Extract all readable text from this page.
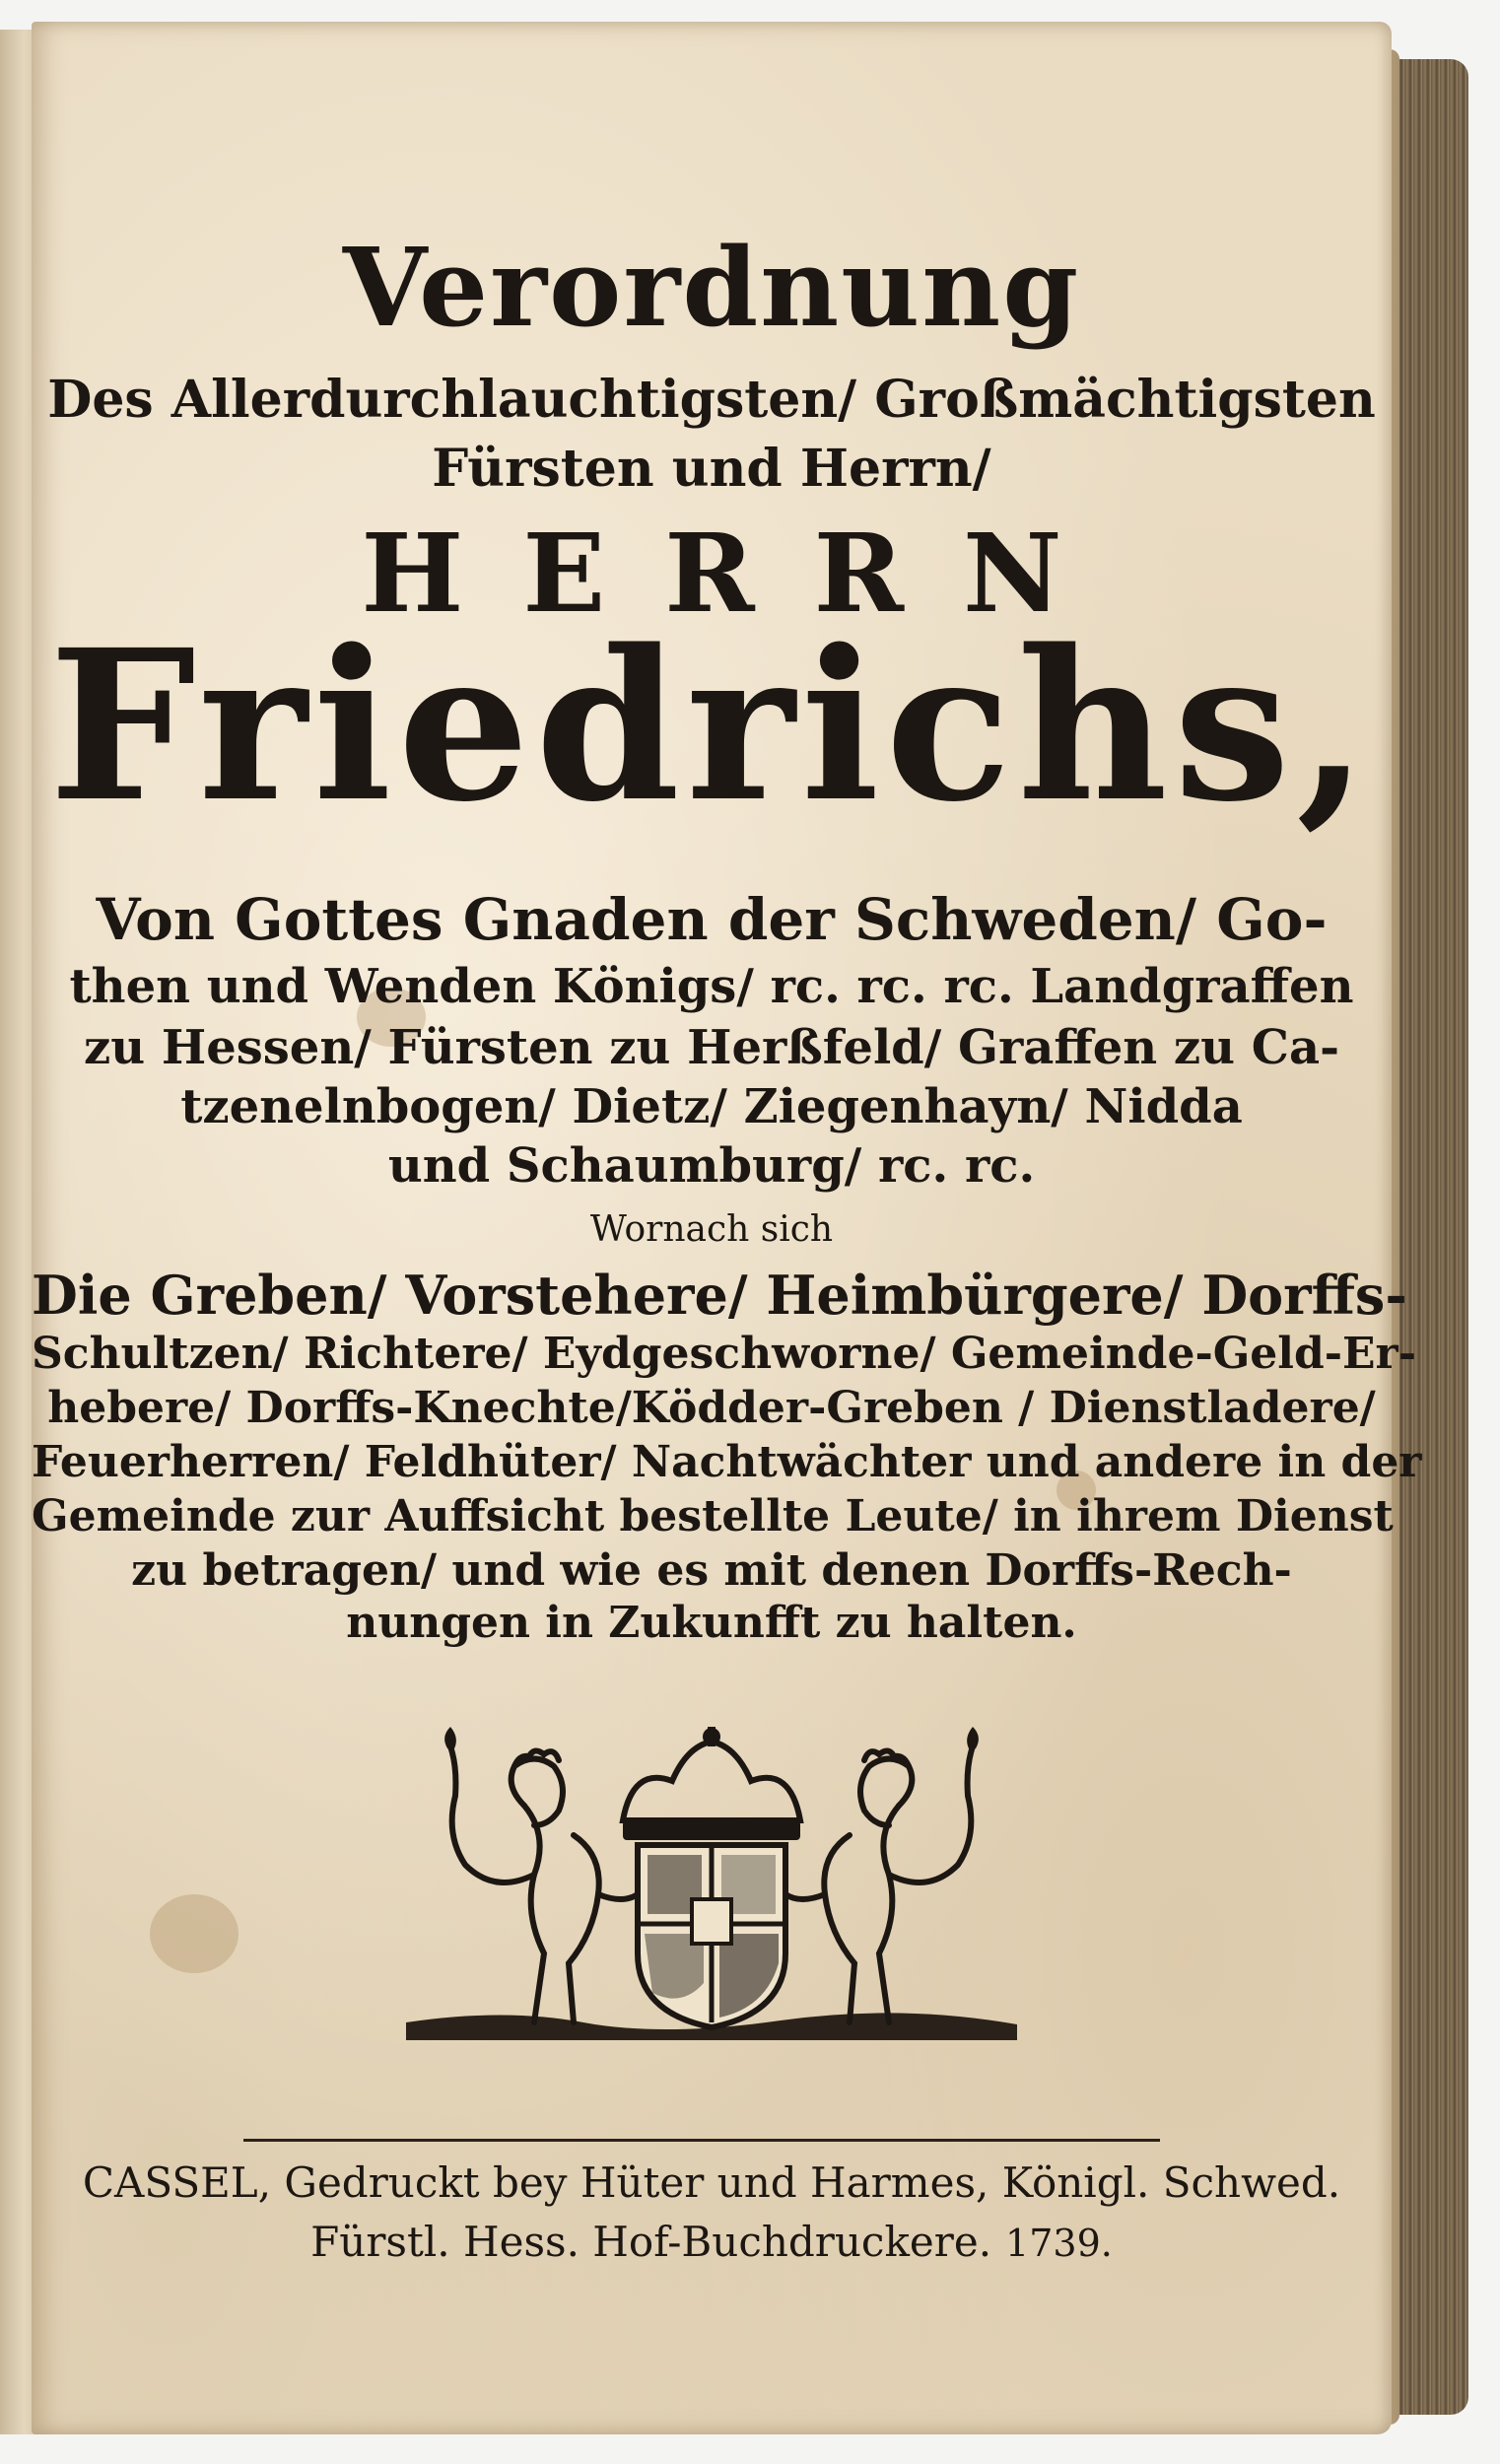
Verordnung
Des Allerdurchlauchtigsten/ Großmächtigsten
Fürsten und Herrn/
HERRN
Friedrichs,
Von Gottes Gnaden der Schweden/ Go-
then und Wenden Königs/ rc. rc. rc. Landgraffen
zu Hessen/ Fürsten zu Herßfeld/ Graffen zu Ca-
tzenelnbogen/ Dietz/ Ziegenhayn/ Nidda
und Schaumburg/ rc. rc.
Wornach sich
Die Greben/ Vorstehere/ Heimbürgere/ Dorffs-
Schultzen/ Richtere/ Eydgeschworne/ Gemeinde-Geld-Er-
hebere/ Dorffs-Knechte/Ködder-Greben / Dienstladere/
Feuerherren/ Feldhüter/ Nachtwächter und andere in der
Gemeinde zur Auffsicht bestellte Leute/ in ihrem Dienst
zu betragen/ und wie es mit denen Dorffs-Rech-
nungen in Zukunfft zu halten.
CASSEL, Gedruckt bey Hüter und Harmes, Königl. Schwed.
Fürstl. Hess. Hof-Buchdruckere. 1739.
